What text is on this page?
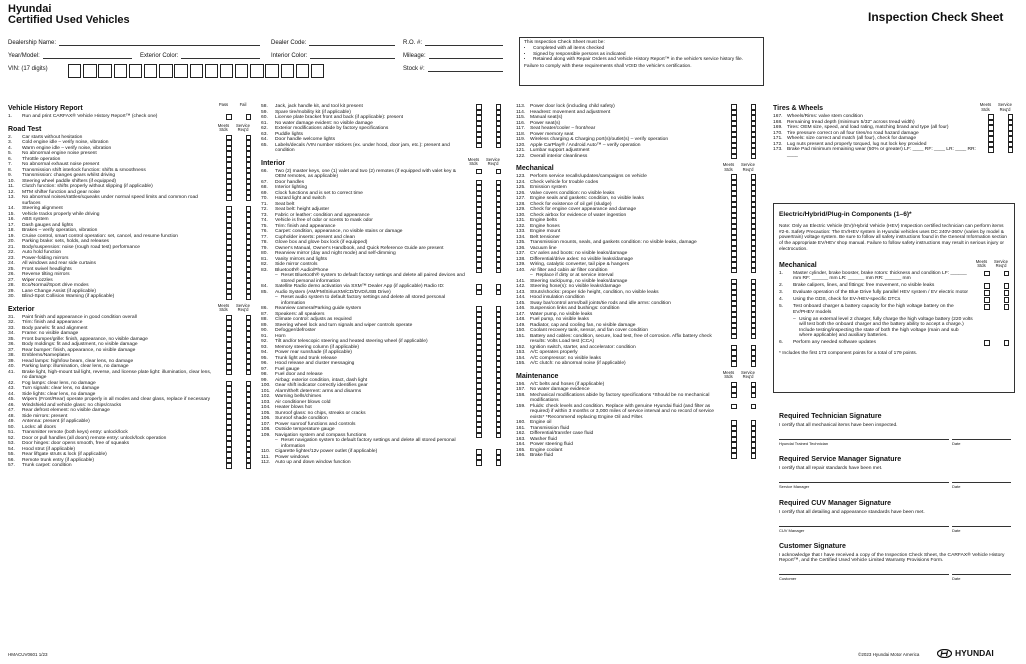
Hyundai
Certified Used Vehicles	Inspection Check Sheet
Dealership Name:	Dealer Code:	R.O. #:
Year/Model:	Exterior Color:	Interior Color:	Mileage:
VIN: (17 digits)	Stock #:
This Inspection Check Sheet must be:
• Completed with all items checked
• Signed by responsible persons as indicated
• Retained along with Repair Orders and Vehicle History Report™ in the vehicle's service history file.
Failure to comply with these requirements shall VOID the vehicle's certification.
Vehicle History Report
Pass	Fail
1.	Run and print CARFAX® Vehicle History Report™ (check one)
Road Test
Meets Stds
Service Req'd
2.	Car starts without hesitation
3.	Cold engine idle – verify noise, vibration
4.	Warm engine idle – verify noise, vibration
5.	No abnormal engine noise present
6.	Throttle operation
7.	No abnormal exhaust noise present
8.	Transmission shift interlock function: shifts & smoothness
9.	Transmission: changes gears whilst driving
10.	Steering wheel paddle shifters (if equipped)
11.	Clutch function: shifts properly without slipping (if applicable)
12.	MTM shifter function and gear noise
13.	No abnormal noises/rattles/squeaks under normal speed limits and common road surfaces
14.	Steering alignment
15.	Vehicle tracks properly while driving
16.	ABS system
17.	Dash gauges and lights
18.	Brakes – verify operation, vibration
19.	Cruise control, smart control operation: set, cancel, and resume function
20.	Parking brake: sets, holds, and releases
21.	Body/suspension: noise (rough road test) performance
22.	Auto hold function
23.	Power-folding mirrors
24.	All windows and rear side curtains
25.	Front swivel headlights
26.	Reverse tilting mirrors
27.	Wiper nozzles
28.	Eco/Normal/Sport drive modes
29.	Lane Change Assist (if applicable)
30.	Blind-Spot Collision Warning (if applicable)
Exterior
Meets Stds
Service Req'd
31.	Paint finish and appearance in good condition overall
32.	Trim: finish and appearance
33.	Body panels: fit and alignment
34.	Frame: no visible damage
35.	Front bumper/grille: finish, appearance, no visible damage
36.	Body moldings: fit and adjustment, no visible damage
37.	Rear bumper: finish, appearance, no visible damage
38.	Emblems/Nameplates
39.	Head lamps: high/low beam, clear lens, no damage
40.	Parking lamp: illumination, clear lens, no damage
41.	Brake light, high-mount tail light, reverse, and license plate light: illumination, clear lens, no damage
42.	Fog lamps: clear lens, no damage
43.	Turn signals: clear lens, no damage
44.	Side lights: clear lens, no damage
45.	Wipers (Front/Rear) operate properly in all modes and clear glass, replace if necessary
46.	Windshield and vehicle glass: no chips/cracks
47.	Rear defrost element: no visible damage
48.	Side mirrors: present
49.	Antenna: present (if applicable)
50.	Locks: all doors
51.	Transmitter remote (both keys) entry: unlock/lock
52.	Door or pull handles (all doors) remote entry: unlock/lock operation
53.	Door hinges: door opens smooth, free of squeaks
54.	Hood strut (if applicable)
55.	Rear liftgate struts & lock (if applicable)
56.	Remote trunk entry (if applicable)
57.	Trunk carpet: condition
58.	Jack, jack handle kit, and tool kit present
59.	Spare tire/mobility kit (if applicable)
60.	License plate bracket front and back (if applicable): present
61.	No water damage evident: no visible damage
62.	Exterior modifications abide by factory specifications
63.	Puddle lights
64.	Door handle welcome lights
65.	Labels/decals /VIN number stickers (ex. under hood, door jam, etc.): present and condition
Interior
Meets Stds
Service Req'd
66.	Two (2) master keys, one (1) valet and two (2) remotes (if equipped with valet key & OEM remotes, as applicable)
67.	Door handles
68.	Interior lighting
69.	Clock functions and is set to correct time
70.	Hazard light and switch
71.	Seat belt
72.	Seat belt: height adjuster
73.	Fabric or leather: condition and appearance
74.	Vehicle is free of odor or scents to mask odor
75.	Trim: finish and appearance
76.	Carpet: condition, appearance, no visible stains or damage
77.	Cupholder inserts: present and clean
78.	Glove box and glove box lock (if equipped)
79.	Owner's Manual, Owner's Handbook, and Quick Reference Guide are present
80.	Rearview mirror (day and night mode) and self-dimming
81.	Vanity mirrors and lights
82.	Side mirror controls
83.	Bluetooth® Audio/Phone
– Reset Bluetooth® system to default factory settings and delete all paired devices and stored personal information
84.	Satellite Radio demo activation via SXM™ Dealer App (if applicable) Radio ID:
85.	Audio System (AM/FM/SiriusXM/CD/DVD/USB Drive)
– Reset audio system to default factory settings and delete all stored personal information
86.	Rearview camera/Parking guide system
87.	Speakers: all speakers
88.	Climate control: adjusts as required
89.	Steering wheel lock and turn signals and wiper controls operate
90.	Defogger/defroster
91.	Horn
92.	Tilt and/or telescopic steering and heated steering wheel (if applicable)
93.	Memory steering column (if applicable)
94.	Power rear sunshade (if applicable)
95.	Trunk light and trunk release
96.	Hood release and cluster messaging
97.	Fuel gauge
98.	Fuel door and release
99.	Airbag: exterior condition, intact, dash light
100. Gear shift indicator correctly identifies gear
101. Alarm/theft deterrent: arms and disarms
102. Warning bells/chimes
103. Air conditioner blows cold
104. Heater blows hot
105. Sunroof glass: no chips, streaks or cracks
106. Sunroof shade condition
107. Power sunroof functions and controls
108. Outside temperature gauge
109. Navigation system and compass functions
– Reset navigation system to default factory settings and delete all stored personal information
110. Cigarette lighter/12v power outlet (if applicable)
111.	Power windows
112. Auto up and down window function
113. Power door lock (including child safety)
114. Headrest: movement and adjustment
115. Manual seat(s)
116. Power seat(s)
117. Seat heater/cooler – front/rear
118. Power memory seat
119. Wireless charging & Charging port(s)/outlet(s) – verify operation
120. Apple CarPlay® / Android Auto™ – verify operation
121. Lumbar support adjustment
122. Overall interior cleanliness
Mechanical
Meets Stds
Service Req'd
123. Perform service recalls/updates/campaigns on vehicle
124. Check vehicle for trouble codes
125. Emission system
126. Valve covers condition: no visible leaks
127. Engine seals and gaskets: condition, no visible leaks
128. Check for existence of oil gel (sludge)
129. Check for engine cover appearance and damage
130. Check airbox for evidence of water ingestion
131. Engine belts
132. Engine hoses
133. Engine mount
134. Belt tensioner
135. Transmission mounts, seals, and gaskets condition: no visible leaks, damage
136. Vacuum line
137. CV axles and boots: no visible leaks/damage
138. Differential/drive axles: no visible leaks/damage
139. Wiring, catalytic converter, tail pipe & hangers
140. Air filter and cabin air filter condition
– Replace if dirty or at service interval
141. Steering rack/pump, no visible leaks/damage
142. Steering hose(s): no visible leaks/damage
143. Struts/shocks: proper ride height, condition, no visible leaks
144. Hood insulation condition
145. Sway bar/control arms/ball joints/tie rods and idle arms: condition
146. Suspension links and bushings: condition
147. Water pump, no visible leaks
148. Fuel pump, no visible leaks
149. Radiator, cap and cooling fan, no visible damage
150. Coolant recovery tank, sensor, and fan cover condition
151. Battery and cables: condition, secure, load test, free of corrosion. Affix battery check results: Volts Load test (CCA)
152. Ignition switch, starter, and accelerator: condition
153. A/C operates properly
154. A/C compressor: no visible leaks
155. A/C clutch: no abnormal noise (if applicable)
Maintenance
Meets Stds
Service Req'd
156. A/C belts and hoses (if applicable)
157. No water damage evidence
158. Mechanical modifications abide by factory specifications *Should be no mechanical modifications
159. Fluids: check levels and condition. Replace with genuine Hyundai fluid (and filter as required) if within 3 months or 3,000 miles of service interval and no record of service exists* *Recommend replacing Engine Oil and Filter.
160. Engine oil
161. Transmission fluid
162. Differential/transfer case fluid
163. Washer fluid
164. Power steering fluid
165. Engine coolant
166. Brake fluid
Tires & Wheels
Meets Stds
Service Req'd
167. Wheels/Rims: valve stem condition
168. Remaining tread depth (minimum 5/32" across tread width)
169. Tires: OEM size, speed, and load rating, matching brand and type (all four)
170. Tire pressure correct on all four tires/no road hazard damage
171. Wheels: size correct and match (all four), check for damage
172. Lug nuts present and properly torqued, lug nut lock key provided
173. Brake Pad minimum remaining wear (50% or greater) LF: ____ RF: ____ LR: ____ RR: ____
Electric/Hybrid/Plug-in Components (1–6)*
Note: Only an Electric Vehicle (EV)/Hybrid Vehicle (HEV) Inspection certified technician can perform items #2-6. Safety Precaution: The EV/HEV system in Hyundai vehicles uses DC 240V-360V (varies by model & powertrain) voltage system. Be sure to follow all safety instructions found in the General Information section of the appropriate EV/HEV shop manual. Failure to follow safety instructions may result in serious injury or electrocution.
Mechanical
Meets Stds
Service Req'd
1.	Master cylinder, brake booster, brake rotors: thickness and condition LF: ______ mm RF: ______ mm LR: ______ mm RR: ______ mm
2.	Brake calipers, lines, and fittings: free movement, no visible leaks
3.	Evaluate operation of the Blue Drive fully parallel HEV system / EV electric motor
4.	Using the GDS, check for EV-/HEV-specific DTCs
5.	Test onboard charger & battery capacity for the high voltage battery on the EV/PHEV models
– Using an external level 2 charger, fully charge the high voltage battery (220 volts will test both the onboard charger and the battery ability to accept a charge.) Include testing/inspecting the state of both the high voltage (main and sub where applicable) and auxiliary batteries.
6.	Perform any needed software updates
* Includes the first 173 component points for a total of 179 points.
Required Technician Signature
I certify that all mechanical items have been inspected.
Hyundai Trained Technician	Date
Required Service Manager Signature
I certify that all repair standards have been met.
Service Manager	Date
Required CUV Manager Signature
I certify that all detailing and appearance standards have been met.
CUV Manager	Date
Customer Signature
I acknowledge that I have received a copy of the Inspection Check Sheet, the CARFAX® Vehicle History Report™, and the Certified Used Vehicle Limited Warranty Provisions Form.
Customer	Date
HMACUV0601 1/23	©2023 Hyundai Motor America	HYUNDAI
